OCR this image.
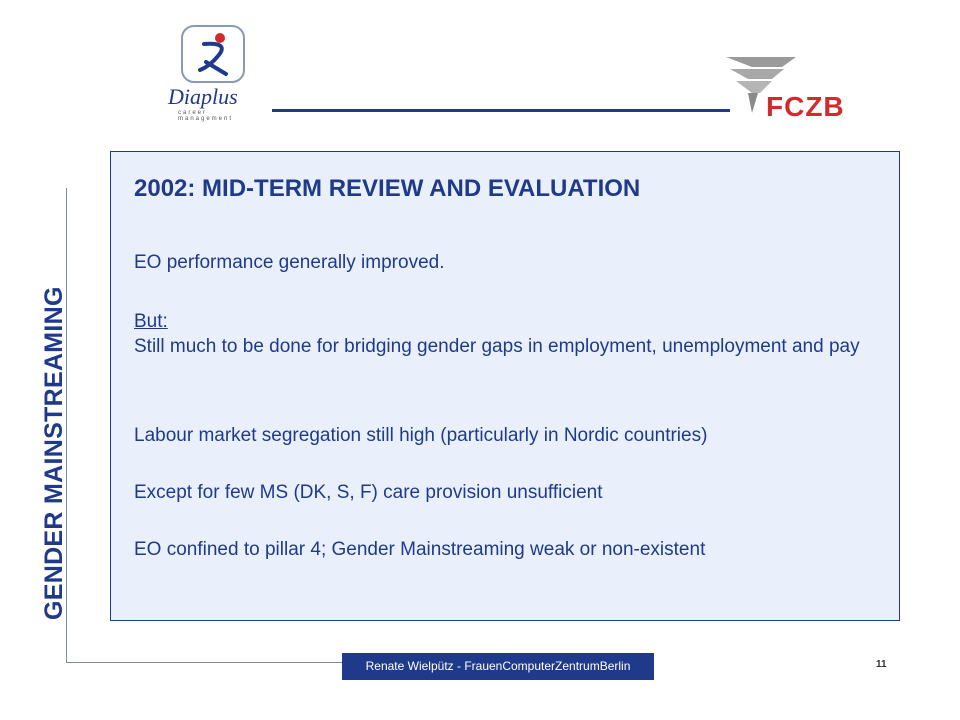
Diaplus
career management	FCZB
GENDER MAINSTREAMING
2002: MID-TERM REVIEW AND EVALUATION
EO performance generally improved.
But:
Still much to be done for bridging gender gaps in employment, unemployment and pay
Labour market segregation still high (particularly in Nordic countries)
Except for few MS (DK, S, F) care provision unsufficient
EO confined to pillar 4; Gender Mainstreaming weak or non-existent
Renate Wielpütz - FrauenComputerZentrumBerlin	11
